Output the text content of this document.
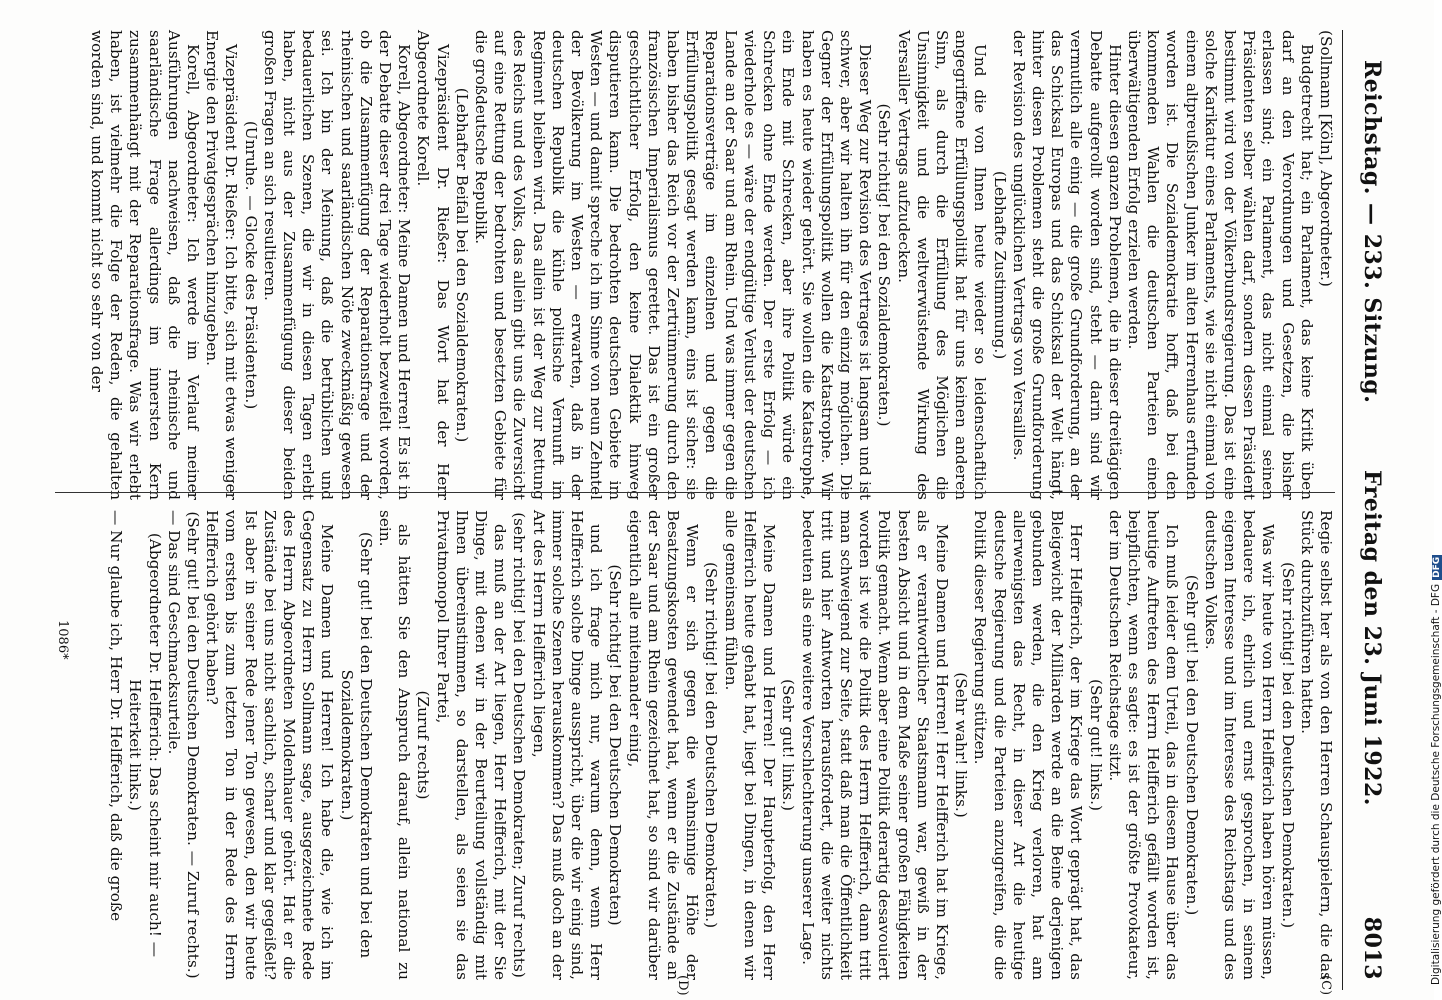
Reichstag. — 233. Sitzung.
Freitag den 23. Juni 1922.
8013

(Sollmann [Köln], Abgeordneter.)

Budgetrecht hat; ein Parlament, das keine Kritik üben darf an den Verordnungen und Gesetzen, die bisher erlassen sind; ein Parlament, das nicht einmal seinen Präsidenten selber wählen darf, sondern dessen Präsident bestimmt wird von der Völkerbundsregierung. Das ist eine solche Karikatur eines Parlaments, wie sie nicht einmal von einem altpreußischen Junker im alten Herrenhaus erfunden worden ist. Die Sozialdemokratie hofft, daß bei den kommenden Wahlen die deutschen Parteien einen überwältigenden Erfolg erzielen werden.

Hinter diesen ganzen Problemen, die in dieser dreitägigen Debatte aufgerollt worden sind, steht — darin sind wir vermutlich alle einig — die große Grundforderung, an der das Schicksal Europas und das Schicksal der Welt hängt, hinter diesen Problemen steht die große Grundforderung der Revision des unglücklichen Vertrags von Versailles.

(Lebhafte Zustimmung.)

Und die von Ihnen heute wieder so leidenschaftlich angegriffene Erfüllungspolitik hat für uns keinen anderen Sinn, als durch die Erfüllung des Möglichen die Unsinnigkeit und die weltverwüstende Wirkung des Versailler Vertrags aufzudecken.

(Sehr richtig! bei den Sozialdemokraten.)

Dieser Weg zur Revision des Vertrages ist langsam und ist schwer, aber wir halten ihn für den einzig möglichen. Die Gegner der Erfüllungspolitik wollen die Katastrophe. Wir haben es heute wieder gehört. Sie wollen die Katastrophe, ein Ende mit Schrecken, aber ihre Politik würde ein Schrecken ohne Ende werden. Der erste Erfolg — ich wiederhole es — wäre der endgültige Verlust der deutschen Lande an der Saar und am Rhein. Und was immer gegen die Reparationsverträge im einzelnen und gegen die Erfüllungspolitik gesagt werden kann, eins ist sicher: sie haben bisher das Reich vor der Zertrümmerung durch den französischen Imperialismus gerettet. Das ist ein großer geschichtlicher Erfolg, den keine Dialektik hinweg disputieren kann. Die bedrohten deutschen Gebiete im Westen — und damit spreche ich im Sinne von neun Zehntel der Bevölkerung im Westen — erwarten, daß in der deutschen Republik die kühle politische Vernunft im Regiment bleiben wird. Das allein ist der Weg zur Rettung des Reichs und des Volks, das allein gibt uns die Zuversicht auf eine Rettung der bedrohten und besetzten Gebiete für die großdeutsche Republik.

(Lebhafter Beifall bei den Sozialdemokraten.)

Vizepräsident Dr. Rießer: Das Wort hat der Herr Abgeordnete Korell.

Korell, Abgeordneter: Meine Damen und Herren! Es ist in der Debatte dieser drei Tage wiederholt bezweifelt worden, ob die Zusammenfügung der Reparationsfrage und der rheinischen und saarländischen Nöte zweckmäßig gewesen sei. Ich bin der Meinung, daß die betrüblichen und bedauerlichen Szenen, die wir in diesen Tagen erlebt haben, nicht aus der Zusammenfügung dieser beiden großen Fragen an sich resultieren.

(Unruhe. — Glocke des Präsidenten.)

Vizepräsident Dr. Rießer: Ich bitte, sich mit etwas weniger Energie den Privatgesprächen hinzugeben.

Korell, Abgeordneter: Ich werde im Verlauf meiner Ausführungen nachweisen, daß die rheinische und saarländische Frage allerdings im innersten Kern zusammenhängt mit der Reparationsfrage. Was wir erlebt haben, ist vielmehr die Folge der Reden, die gehalten worden sind, und kommt nicht so sehr von der

Regie selbst her als von den Herren Schauspielern, die das Stück durchzuführen hatten.

(Sehr richtig! bei den Deutschen Demokraten.)

Was wir heute von Herrn Helfferich haben hören müssen, bedauere ich, ehrlich und ernst gesprochen, in seinem eigenen Interesse und im Interesse des Reichstags und des deutschen Volkes.

(Sehr gut! bei den Deutschen Demokraten.)

Ich muß leider dem Urteil, das in diesem Hause über das heutige Auftreten des Herrn Helfferich gefällt worden ist, beipflichten, wenn es sagte: es ist der größte Provokateur, der im Deutschen Reichstage sitzt.

(Sehr gut! links.)

Herr Helfferich, der im Kriege das Wort geprägt hat, das Bleigewicht der Milliarden werde an die Beine derjenigen gebunden werden, die den Krieg verloren, hat am allerwenigsten das Recht, in dieser Art die heutige deutsche Regierung und die Parteien anzugreifen, die die Politik dieser Regierung stützen.

(Sehr wahr! links.)

Meine Damen und Herren! Herr Helfferich hat im Kriege, als er verantwortlicher Staatsmann war, gewiß in der besten Absicht und in dem Maße seiner großen Fähigkeiten Politik gemacht. Wenn aber eine Politik derartig desavouiert worden ist wie die Politik des Herrn Helfferich, dann tritt man schweigend zur Seite, statt daß man die Öffentlichkeit tritt und hier Antworten herausfordert, die weiter nichts bedeuten als eine weitere Verschlechterung unserer Lage.

(Sehr gut! links.)

Meine Damen und Herren! Der Haupterfolg, den Herr Helfferich heute gehabt hat, liegt bei Dingen, in denen wir alle gemeinsam fühlen.

(Sehr richtig! bei den Deutschen Demokraten.)

Wenn er sich gegen die wahnsinnige Höhe der Besatzungskosten gewendet hat, wenn er die Zustände an der Saar und am Rhein gezeichnet hat, so sind wir darüber eigentlich alle miteinander einig,

(Sehr richtig! bei den Deutschen Demokraten)

und ich frage mich nur, warum denn, wenn Herr Helfferich solche Dinge ausspricht, über die wir einig sind, immer solche Szenen herauskommen? Das muß doch an der Art des Herrn Helfferich liegen,

(sehr richtig! bei den Deutschen Demokraten; Zuruf rechts)

das muß an der Art liegen, Herr Helfferich, mit der Sie Dinge, mit denen wir in der Beurteilung vollständig mit Ihnen übereinstimmen, so darstellen, als seien sie das Privatmonopol Ihrer Partei,

(Zuruf rechts)

als hätten Sie den Anspruch darauf, allein national zu sein.

(Sehr gut! bei den Deutschen Demokraten und bei den Sozialdemokraten.)

Meine Damen und Herren! Ich habe die, wie ich im Gegensatz zu Herrn Sollmann sage, ausgezeichnete Rede des Herrn Abgeordneten Moldenhauer gehört. Hat er die Zustände bei uns nicht sachlich, scharf und klar gegeißelt? Ist aber in seiner Rede jener Ton gewesen, den wir heute vom ersten bis zum letzten Ton in der Rede des Herrn Helfferich gehört haben?

(Sehr gut! bei den Deutschen Demokraten. — Zuruf rechts.)

— Das sind Geschmacksurteile.

(Abgeordneter Dr. Helfferich: Das scheint mir auch! — Heiterkeit links.)

— Nur glaube ich, Herr Dr. Helfferich, daß die große

(C)
(D)
1086*	Digitalisierung gefördert durch die Deutsche Forschungsgemeinschaft - DFGDFG
